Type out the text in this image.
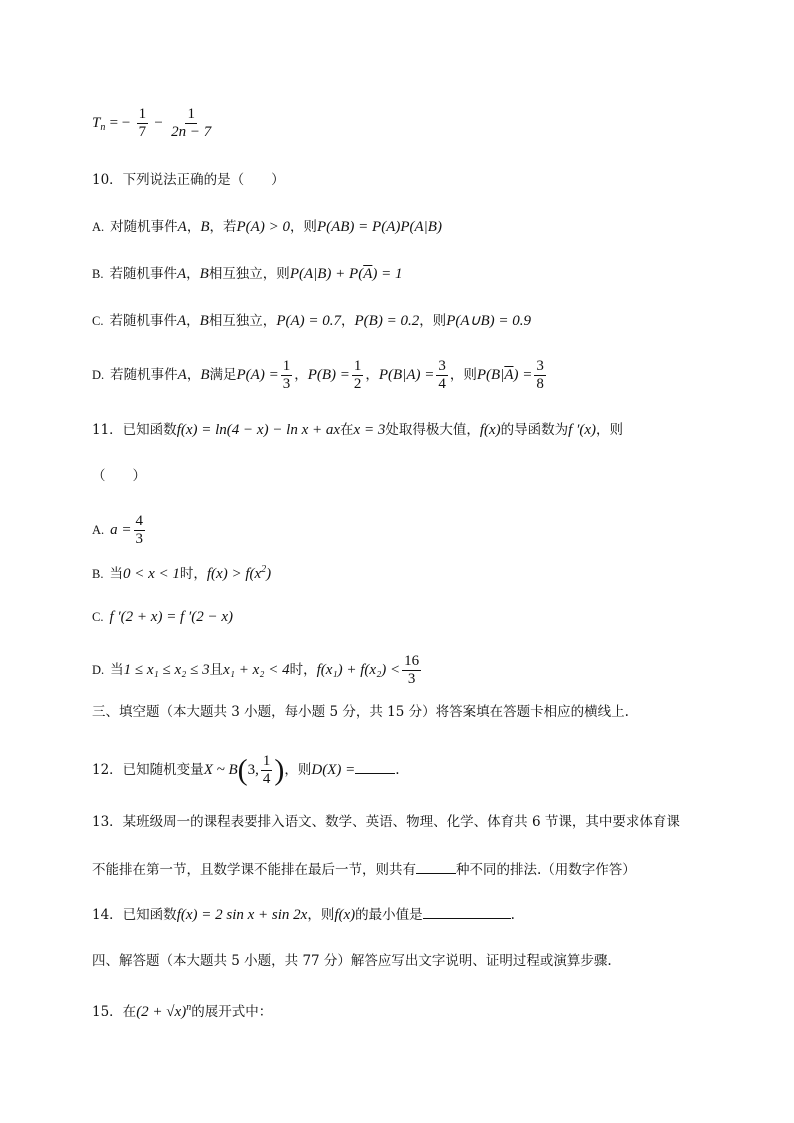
$T_n$ = − $\frac{1}{7} - \frac{1}{2n - 7}$
10．下列说法正确的是（　　）
A. 对随机事件A，B，若P(A) > 0，则P(AB) = P(A)P(A|B)
B. 若随机事件A，B相互独立，则$P(A|B) + P(\overline{A}) = 1$
C. 若随机事件A，B相互独立，P(A) = 0.7，P(B) = 0.2，则P(A∪B) = 0.9
D. 若随机事件A，B满足$P(A) = \frac{1}{3}$ ，$P(B) = \frac{1}{2}$ ，$P(B|A) = \frac{3}{4}$ ，则$P(B|\overline{A}) = \frac{3}{8}$
11．已知函数f(x) = ln(4 − x) − ln x + ax在x = 3处取得极大值，f(x)的导函数为f ′(x)，则
（　　）
A. $a = \frac{4}{3}$
B. 当0 < x < 1时，$f(x) > f(x^2)$
C. f ′(2 + x) = f ′(2 − x)
D. 当1 ≤ x₁ ≤ x₂ ≤ 3且x₁ + x₂ < 4时，$f(x_1) + f(x_2) < \frac{16}{3}$
三、填空题（本大题共 3 小题，每小题 5 分，共 15 分）将答案填在答题卡相应的横线上.
12．已知随机变量X ~ B(3, $\frac{1}{4}$ )，则D(X) =	.
13．某班级周一的课程表要排入语文、数学、英语、物理、化学、体育共 6 节课，其中要求体育课
不能排在第一节，且数学课不能排在最后一节，则共有	种不同的排法.（用数字作答）
14．已知函数f(x) = 2 sin x + sin 2x，则f(x)的最小值是	.
四、解答题（本大题共 5 小题，共 77 分）解答应写出文字说明、证明过程或演算步骤.
15．在$(2 + √x)^n$的展开式中：
